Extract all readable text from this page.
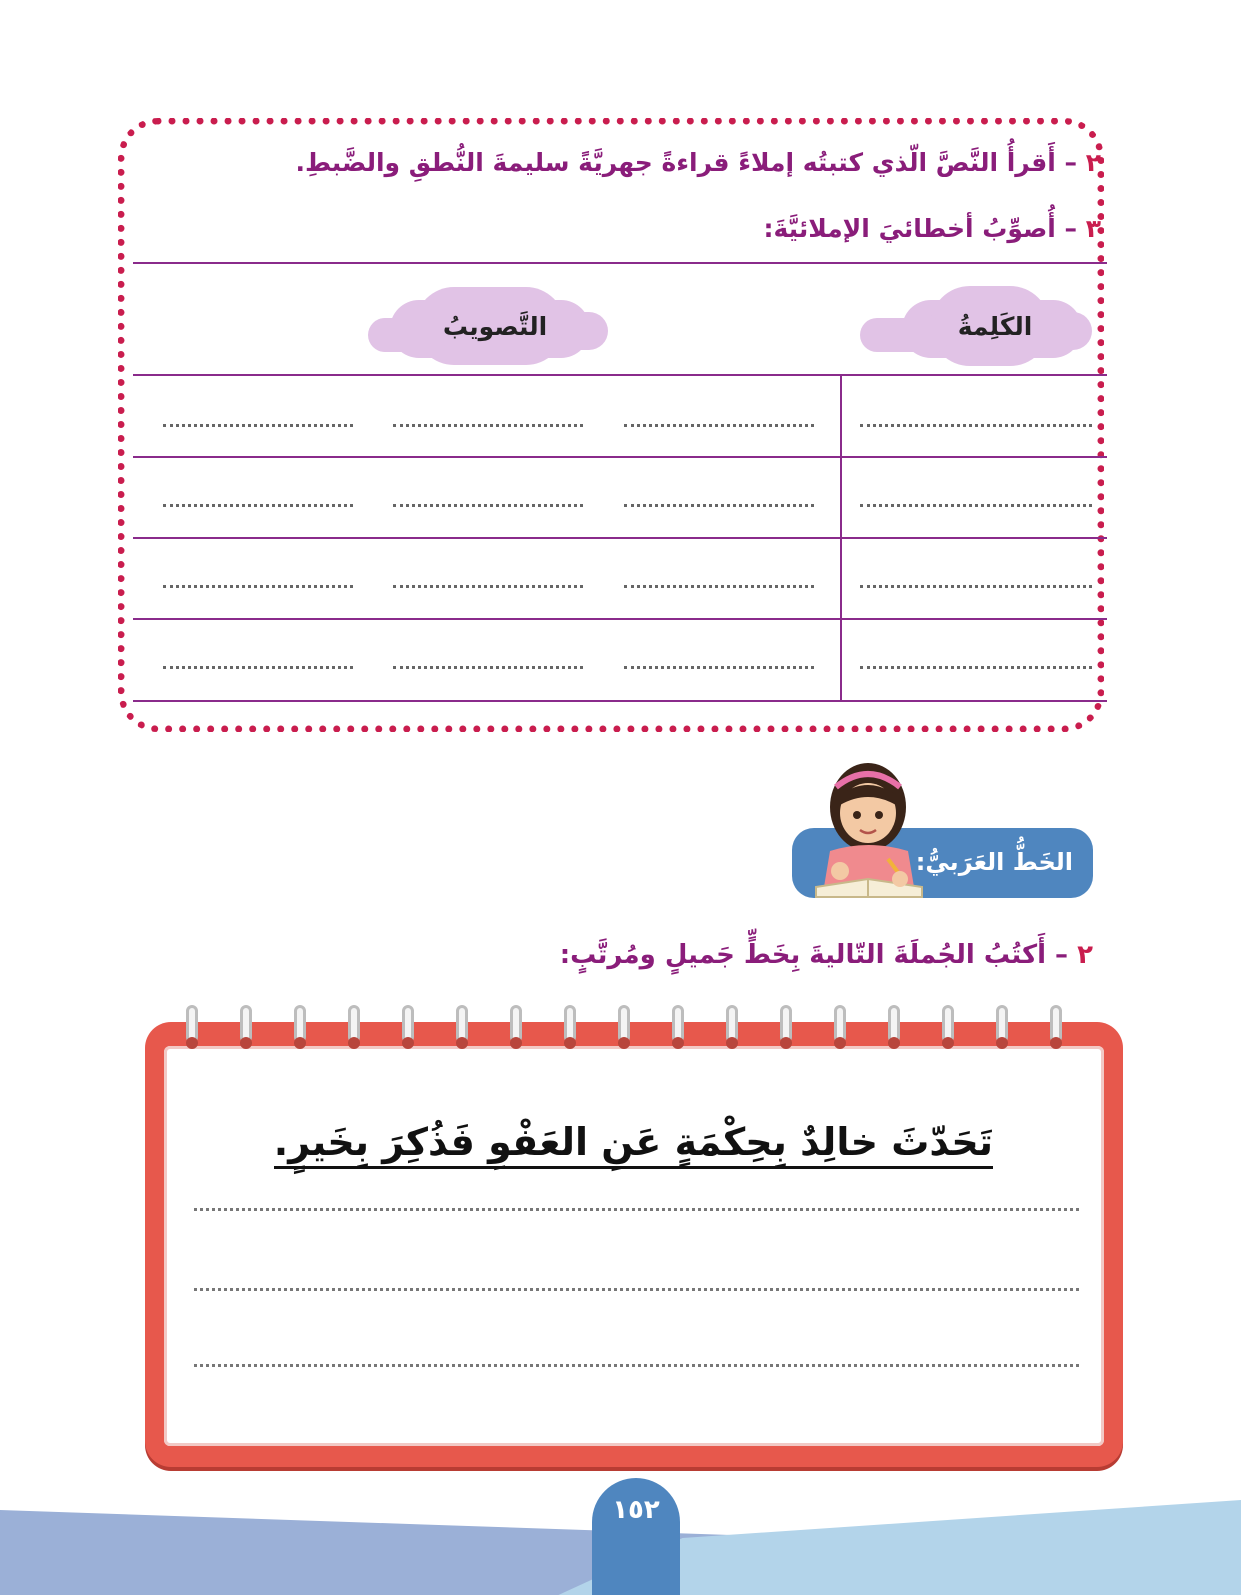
٢ – أَقرأُ النَّصَّ الّذي كتبتُه إملاءً قراءةً جهريَّةً سليمةَ النُّطقِ والضَّبطِ.
٣ – أُصوِّبُ أخطائيَ الإملائيَّةَ:
الكَلِمةُ
التَّصويبُ
الخَطُّ العَرَبيُّ:
٢ – أَكتُبُ الجُملَةَ التّاليةَ بِخَطٍّ جَميلٍ ومُرتَّبٍ:
تَحَدّثَ خالِدٌ بِحِكْمَةٍ عَنِ العَفْوِ فَذُكِرَ بِخَيرٍ.
١٥٢
